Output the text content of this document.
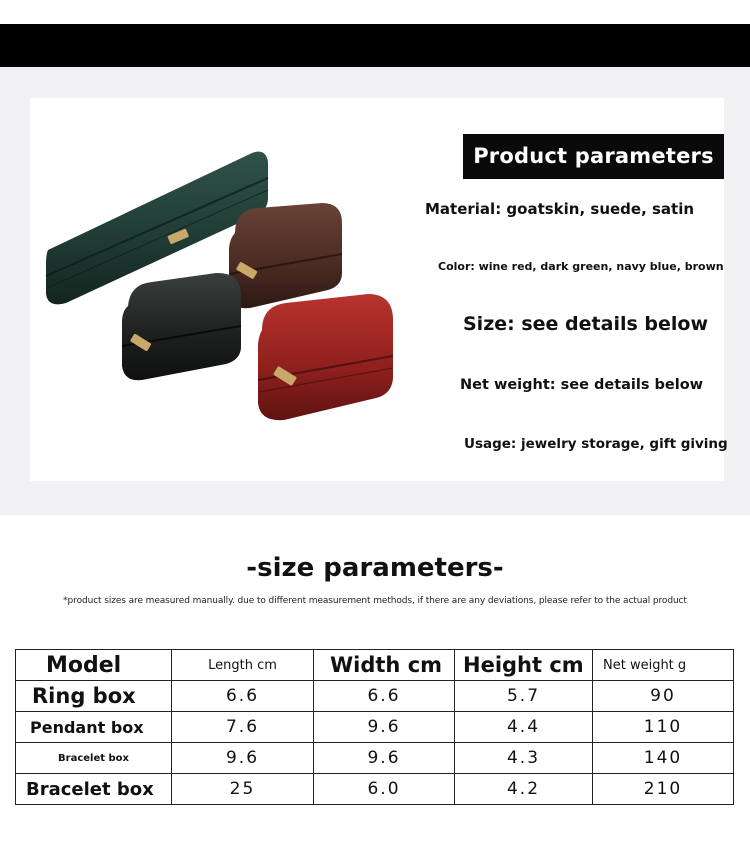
Product parameters
Material: goatskin, suede, satin
Color: wine red, dark green, navy blue, brown
Size: see details below
Net weight: see details below
Usage: jewelry storage, gift giving
-size parameters-
*product sizes are measured manually. due to different measurement methods, if there are any deviations, please refer to the actual product
Model	Length cm	Width cm	Height cm	Net weight g
Ring box	6.6	6.6	5.7	90
Pendant box	7.6	9.6	4.4	110
Bracelet box	9.6	9.6	4.3	140
Bracelet box	25	6.0	4.2	210
